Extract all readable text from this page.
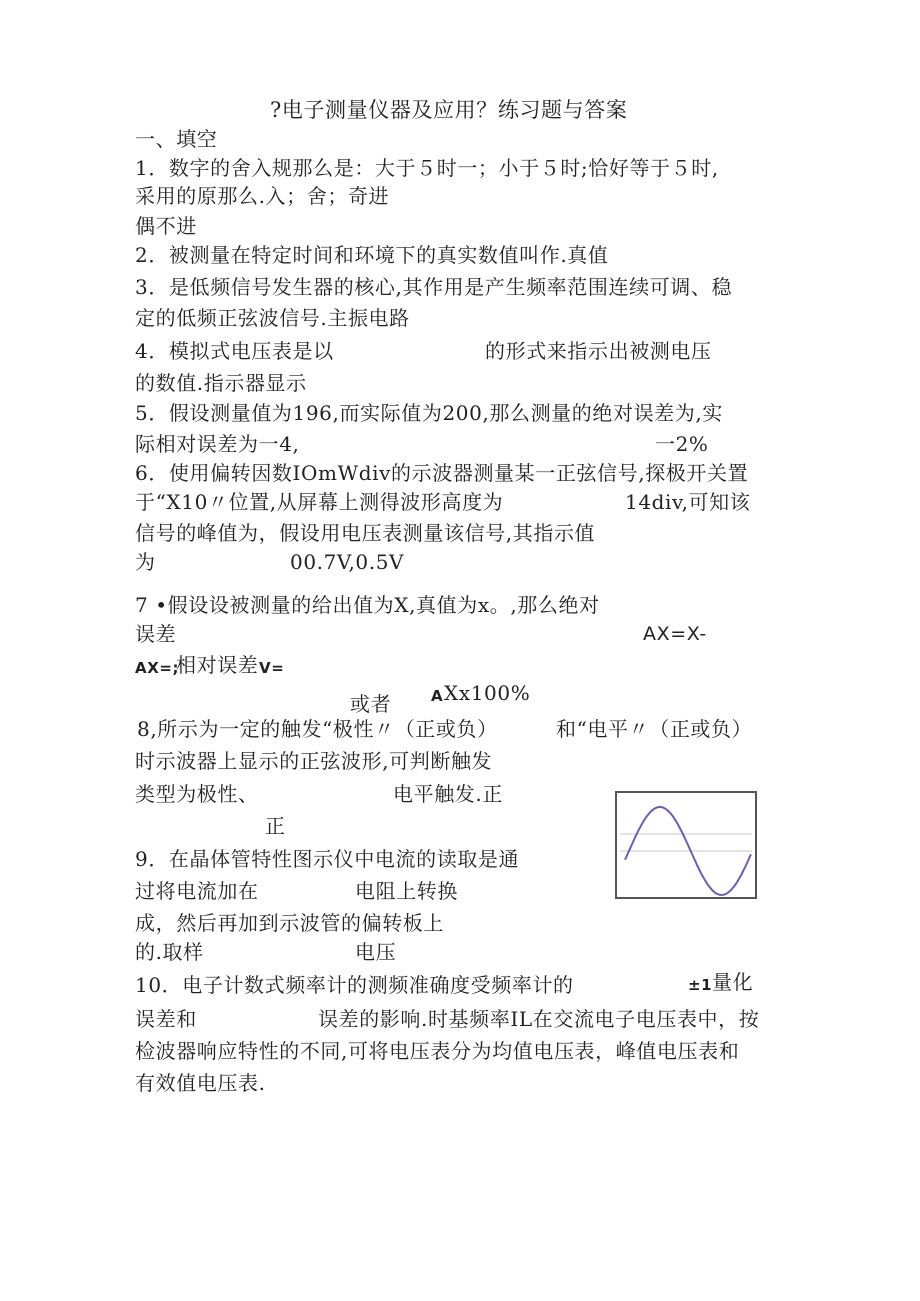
?电子测量仪器及应用？练习题与答案
一、填空
1．数字的舍入规那么是：大于５时一；小于５时;恰好等于５时,
采用的原那么.入；舍；奇进
偶不进
2．被测量在特定时间和环境下的真实数值叫作.真值
3．是低频信号发生器的核心,其作用是产生频率范围连续可调、稳
定的低频正弦波信号.主振电路
4．模拟式电压表是以	的形式来指示出被测电压
的数值.指示器显示
5．假设测量值为196,而实际值为200,那么测量的绝对误差为,实
际相对误差为一4,	一2%
6．使用偏转因数IOmWdiv的示波器测量某一正弦信号,探极开关置
于“X10〃位置,从屏幕上测得波形高度为	14div,可知该
信号的峰值为，假设用电压表测量该信号,其指示值
为	00.7V,0.5V
7 •假设设被测量的给出值为X,真值为x。,那么绝对
误差	AX=X-
AX=;
相对误差 V=
A Xx100%
或者
8,所示为一定的触发“极性〃（正或负）	和“电平〃（正或负）
时示波器上显示的正弦波形,可判断触发
类型为极性、	电平触发.正
正
9．在晶体管特性图示仪中电流的读取是通
过将电流加在	电阻上转换
成，然后再加到示波管的偏转板上
的.取样	电压
10．电子计数式频率计的测频准确度受频率计的	±1 量化
误差和	误差的影响.时基频率IL在交流电子电压表中，按
检波器响应特性的不同,可将电压表分为均值电压表，峰值电压表和
有效值电压表.
